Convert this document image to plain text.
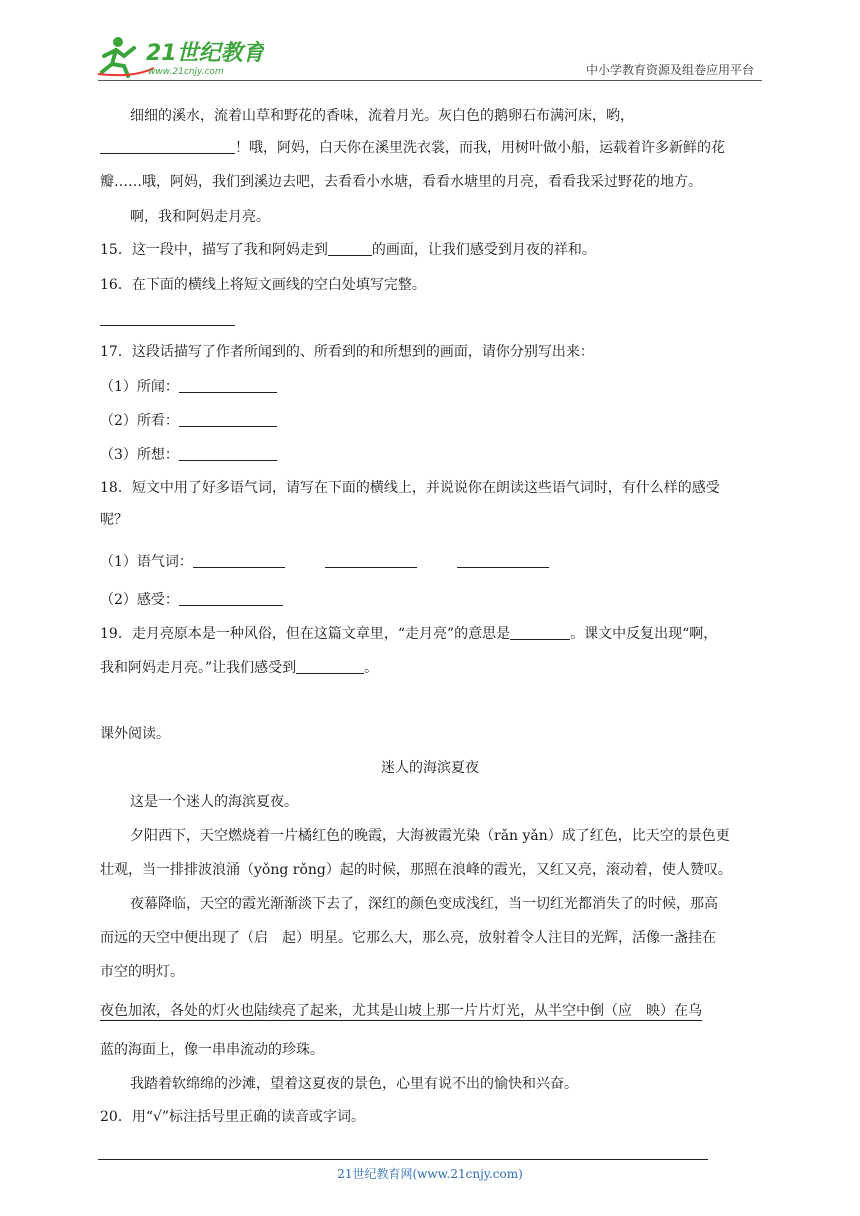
21世纪教育
www.21cnjy.com	中小学教育资源及组卷应用平台
细细的溪水，流着山草和野花的香味，流着月光。灰白色的鹅卵石布满河床，哟，
！哦，阿妈，白天你在溪里洗衣裳，而我，用树叶做小船，运载着许多新鲜的花
瓣……哦，阿妈，我们到溪边去吧，去看看小水塘，看看水塘里的月亮，看看我采过野花的地方。
啊，我和阿妈走月亮。
15．这一段中，描写了我和阿妈走到	的画面，让我们感受到月夜的祥和。
16．在下面的横线上将短文画线的空白处填写完整。
17．这段话描写了作者所闻到的、所看到的和所想到的画面，请你分别写出来：
（1）所闻：
（2）所看：
（3）所想：
18．短文中用了好多语气词，请写在下面的横线上，并说说你在朗读这些语气词时，有什么样的感受
呢？
（1）语气词：
（2）感受：
19．走月亮原本是一种风俗，但在这篇文章里，“走月亮”的意思是	。课文中反复出现“啊，
我和阿妈走月亮。”让我们感受到	。
课外阅读。
迷人的海滨夏夜
这是一个迷人的海滨夏夜。
夕阳西下，天空燃烧着一片橘红色的晚霞，大海被霞光染（rǎn yǎn）成了红色，比天空的景色更
壮观，当一排排波浪涌（yǒng rǒng）起的时候，那照在浪峰的霞光，又红又亮，滚动着，使人赞叹。
夜幕降临，天空的霞光渐渐淡下去了，深红的颜色变成浅红，当一切红光都消失了的时候，那高
而远的天空中便出现了（启　起）明星。它那么大，那么亮，放射着令人注目的光辉，活像一盏挂在
市空的明灯。
夜色加浓，各处的灯火也陆续亮了起来，尤其是山坡上那一片片灯光，从半空中倒（应　映）在乌
蓝的海面上，像一串串流动的珍珠。
我踏着软绵绵的沙滩，望着这夏夜的景色，心里有说不出的愉快和兴奋。
20．用“√”标注括号里正确的读音或字词。
21世纪教育网(www.21cnjy.com)
